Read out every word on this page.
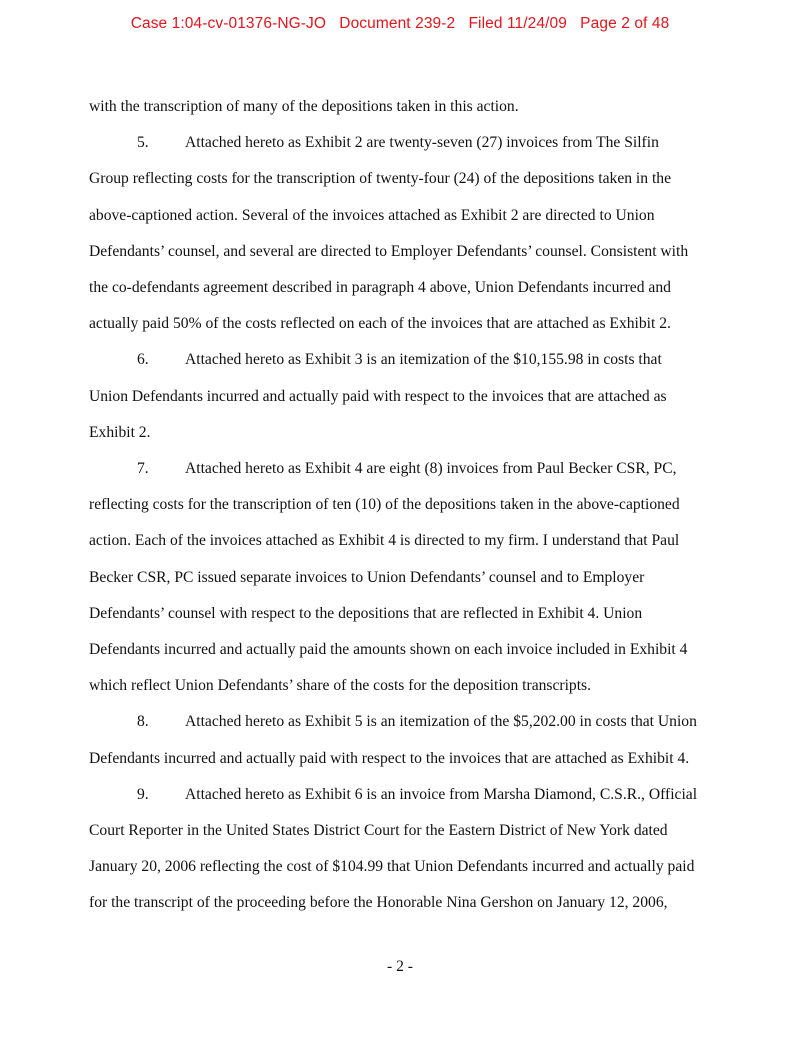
Case 1:04-cv-01376-NG-JO   Document 239-2   Filed 11/24/09   Page 2 of 48
with the transcription of many of the depositions taken in this action.
5. Attached hereto as Exhibit 2 are twenty-seven (27) invoices from The Silfin
Group reflecting costs for the transcription of twenty-four (24) of the depositions taken in the
above-captioned action. Several of the invoices attached as Exhibit 2 are directed to Union
Defendants’ counsel, and several are directed to Employer Defendants’ counsel. Consistent with
the co-defendants agreement described in paragraph 4 above, Union Defendants incurred and
actually paid 50% of the costs reflected on each of the invoices that are attached as Exhibit 2.
6. Attached hereto as Exhibit 3 is an itemization of the $10,155.98 in costs that
Union Defendants incurred and actually paid with respect to the invoices that are attached as
Exhibit 2.
7. Attached hereto as Exhibit 4 are eight (8) invoices from Paul Becker CSR, PC,
reflecting costs for the transcription of ten (10) of the depositions taken in the above-captioned
action. Each of the invoices attached as Exhibit 4 is directed to my firm. I understand that Paul
Becker CSR, PC issued separate invoices to Union Defendants’ counsel and to Employer
Defendants’ counsel with respect to the depositions that are reflected in Exhibit 4. Union
Defendants incurred and actually paid the amounts shown on each invoice included in Exhibit 4
which reflect Union Defendants’ share of the costs for the deposition transcripts.
8. Attached hereto as Exhibit 5 is an itemization of the $5,202.00 in costs that Union
Defendants incurred and actually paid with respect to the invoices that are attached as Exhibit 4.
9. Attached hereto as Exhibit 6 is an invoice from Marsha Diamond, C.S.R., Official
Court Reporter in the United States District Court for the Eastern District of New York dated
January 20, 2006 reflecting the cost of $104.99 that Union Defendants incurred and actually paid
for the transcript of the proceeding before the Honorable Nina Gershon on January 12, 2006,
- 2 -
